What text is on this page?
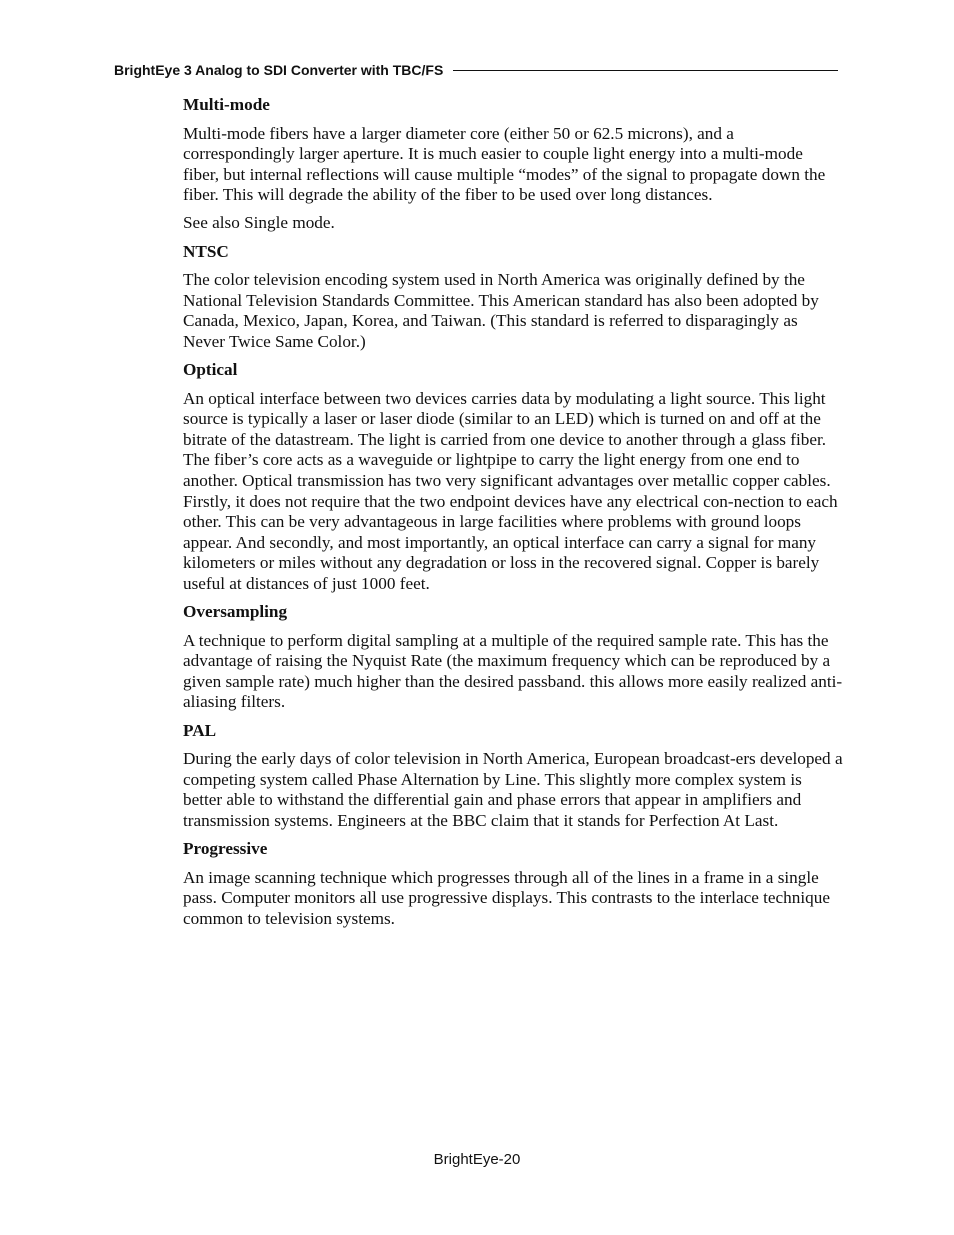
BrightEye 3 Analog to SDI Converter with TBC/FS

Multi-mode

Multi-mode fibers have a larger diameter core (either 50 or 62.5 microns), and a correspondingly larger aperture. It is much easier to couple light energy into a multi-mode fiber, but internal reflections will cause multiple “modes” of the signal to propagate down the fiber. This will degrade the ability of the fiber to be used over long distances.

See also Single mode.

NTSC

The color television encoding system used in North America was originally defined by the National Television Standards Committee. This American standard has also been adopted by Canada, Mexico, Japan, Korea, and Taiwan. (This standard is referred to disparagingly as Never Twice Same Color.)

Optical

An optical interface between two devices carries data by modulating a light source. This light source is typically a laser or laser diode (similar to an LED) which is turned on and off at the bitrate of the datastream. The light is carried from one device to another through a glass fiber. The fiber’s core acts as a waveguide or lightpipe to carry the light energy from one end to another. Optical transmission has two very significant advantages over metallic copper cables. Firstly, it does not require that the two endpoint devices have any electrical con-nection to each other. This can be very advantageous in large facilities where problems with ground loops appear. And secondly, and most importantly, an optical interface can carry a signal for many kilometers or miles without any degradation or loss in the recovered signal. Copper is barely useful at distances of just 1000 feet.

Oversampling

A technique to perform digital sampling at a multiple of the required sample rate. This has the advantage of raising the Nyquist Rate (the maximum frequency which can be reproduced by a given sample rate) much higher than the desired passband. this allows more easily realized anti-aliasing filters.

PAL

During the early days of color television in North America, European broadcast-ers developed a competing system called Phase Alternation by Line. This slightly more complex system is better able to withstand the differential gain and phase errors that appear in amplifiers and transmission systems. Engineers at the BBC claim that it stands for Perfection At Last.

Progressive

An image scanning technique which progresses through all of the lines in a frame in a single pass. Computer monitors all use progressive displays. This contrasts to the interlace technique common to television systems.

BrightEye-20
